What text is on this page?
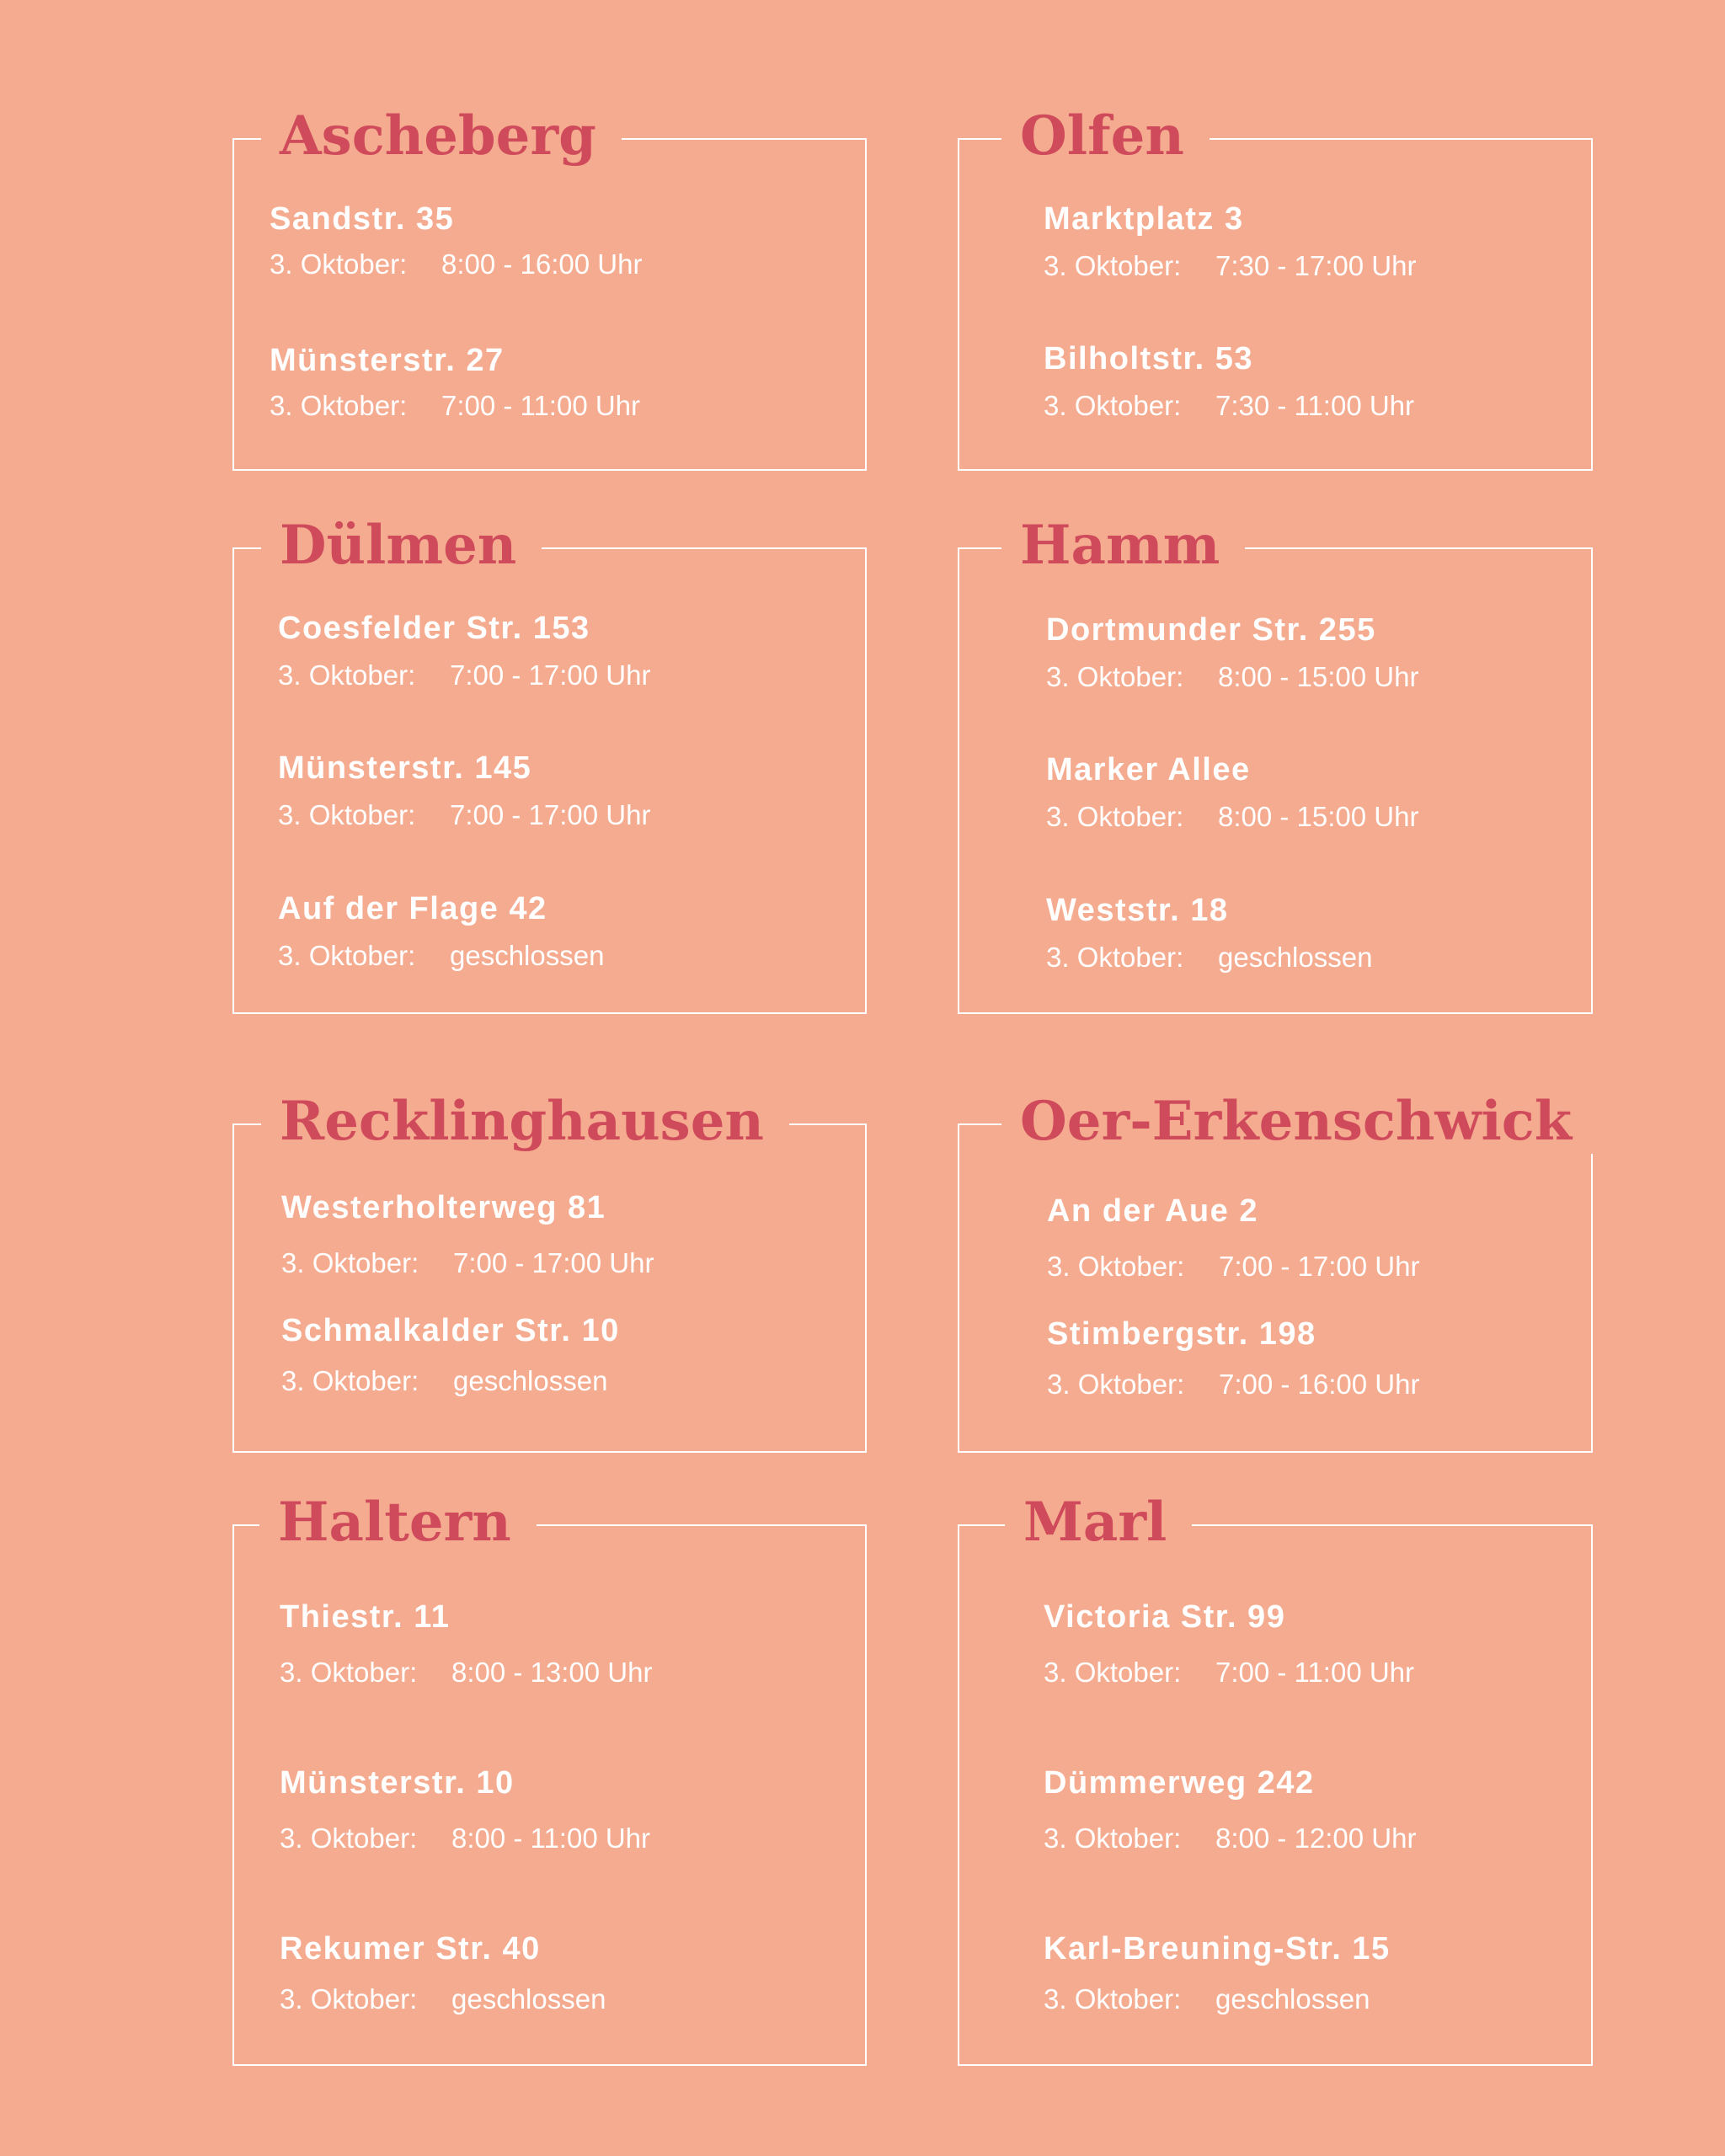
Ascheberg
Sandstr. 35
3. Oktober: 8:00 - 16:00 Uhr
Münsterstr. 27
3. Oktober: 7:00 - 11:00 Uhr
Olfen
Marktplatz 3
3. Oktober: 7:30 - 17:00 Uhr
Bilholtstr. 53
3. Oktober: 7:30 - 11:00 Uhr
Dülmen
Coesfelder Str. 153
3. Oktober: 7:00 - 17:00 Uhr
Münsterstr. 145
3. Oktober: 7:00 - 17:00 Uhr
Auf der Flage 42
3. Oktober: geschlossen
Hamm
Dortmunder Str. 255
3. Oktober: 8:00 - 15:00 Uhr
Marker Allee
3. Oktober: 8:00 - 15:00 Uhr
Weststr. 18
3. Oktober: geschlossen
Recklinghausen
Westerholterweg 81
3. Oktober: 7:00 - 17:00 Uhr
Schmalkalder Str. 10
3. Oktober: geschlossen
Oer-Erkenschwick
An der Aue 2
3. Oktober: 7:00 - 17:00 Uhr
Stimbergstr. 198
3. Oktober: 7:00 - 16:00 Uhr
Haltern
Thiestr. 11
3. Oktober: 8:00 - 13:00 Uhr
Münsterstr. 10
3. Oktober: 8:00 - 11:00 Uhr
Rekumer Str. 40
3. Oktober: geschlossen
Marl
Victoria Str. 99
3. Oktober: 7:00 - 11:00 Uhr
Dümmerweg 242
3. Oktober: 8:00 - 12:00 Uhr
Karl-Breuning-Str. 15
3. Oktober: geschlossen
